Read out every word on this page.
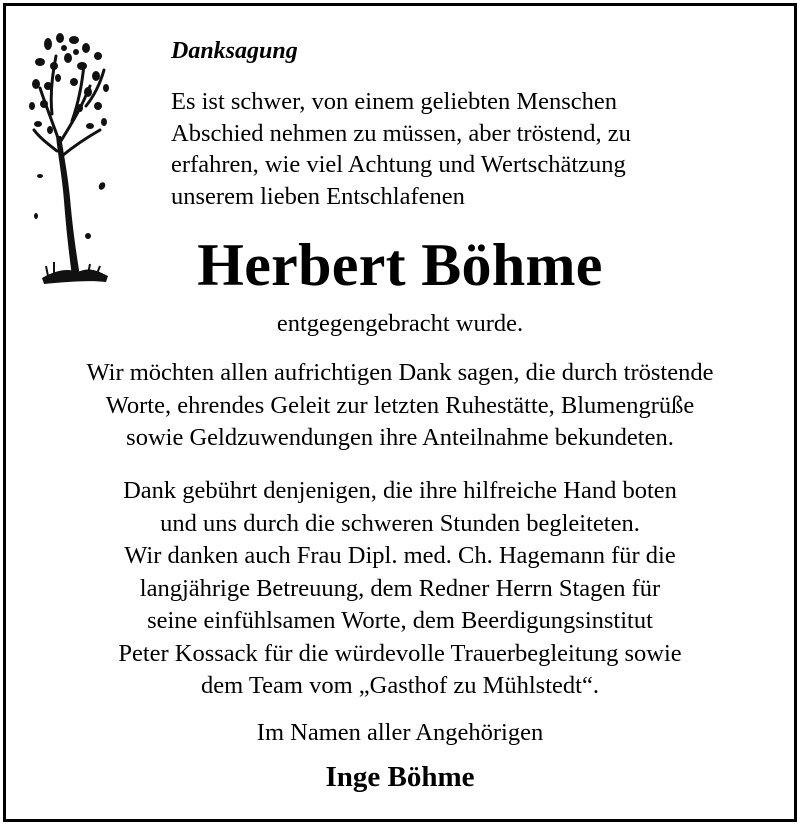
Danksagung
Es ist schwer, von einem geliebten Menschen
Abschied nehmen zu müssen, aber tröstend, zu
erfahren, wie viel Achtung und Wertschätzung
unserem lieben Entschlafenen
Herbert Böhme
entgegengebracht wurde.
Wir möchten allen aufrichtigen Dank sagen, die durch tröstende
Worte, ehrendes Geleit zur letzten Ruhestätte, Blumengrüße
sowie Geldzuwendungen ihre Anteilnahme bekundeten.
Dank gebührt denjenigen, die ihre hilfreiche Hand boten
und uns durch die schweren Stunden begleiteten.
Wir danken auch Frau Dipl. med. Ch. Hagemann für die
langjährige Betreuung, dem Redner Herrn Stagen für
seine einfühlsamen Worte, dem Beerdigungsinstitut
Peter Kossack für die würdevolle Trauerbegleitung sowie
dem Team vom „Gasthof zu Mühlstedt“.
Im Namen aller Angehörigen
Inge Böhme
